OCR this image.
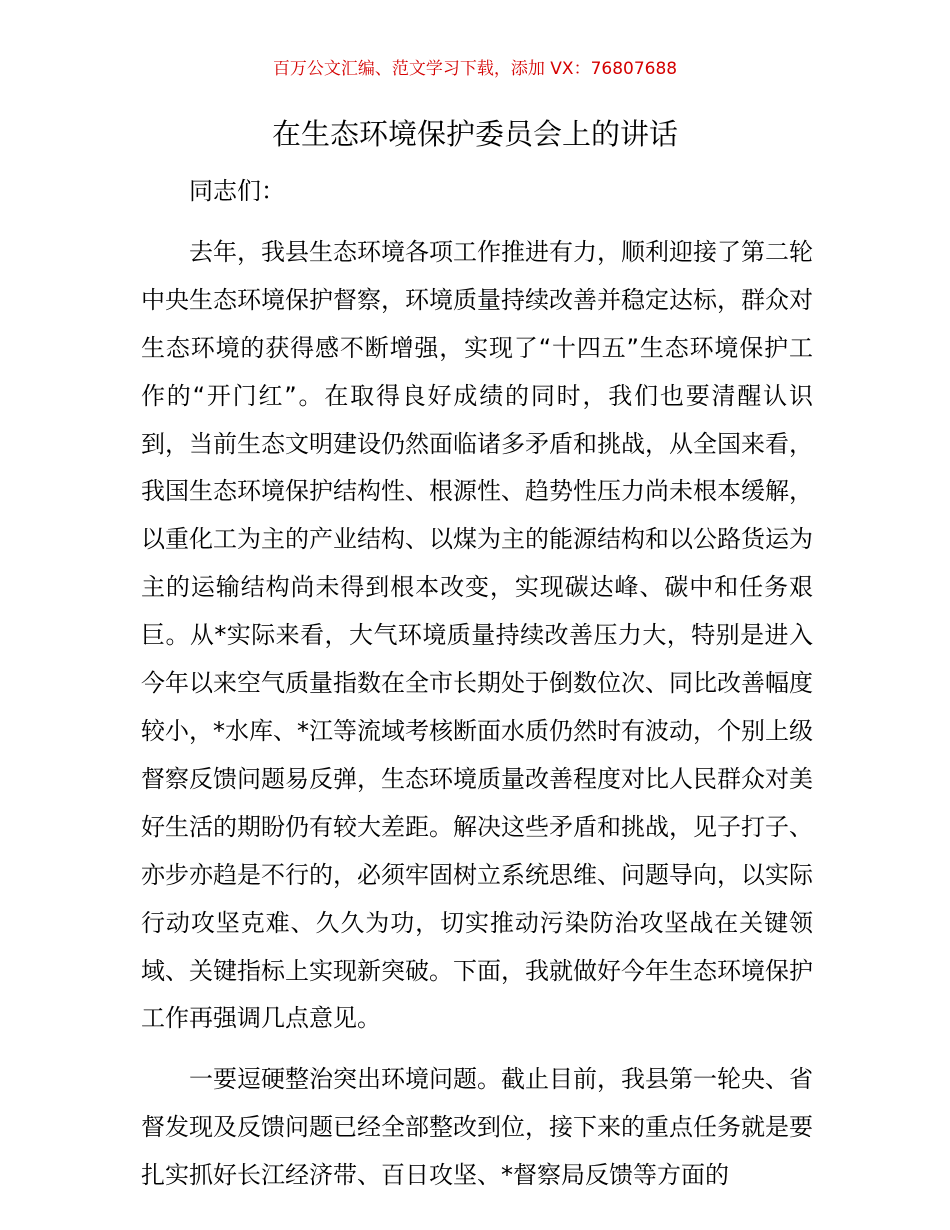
百万公文汇编、范文学习下载，添加 VX：76807688
在生态环境保护委员会上的讲话

同志们：

去年，我县生态环境各项工作推进有力，顺利迎接了第二轮中央生态环境保护督察，环境质量持续改善并稳定达标，群众对生态环境的获得感不断增强，实现了“十四五”生态环境保护工作的“开门红”。在取得良好成绩的同时，我们也要清醒认识到，当前生态文明建设仍然面临诸多矛盾和挑战，从全国来看，我国生态环境保护结构性、根源性、趋势性压力尚未根本缓解，以重化工为主的产业结构、以煤为主的能源结构和以公路货运为主的运输结构尚未得到根本改变，实现碳达峰、碳中和任务艰巨。从*实际来看，大气环境质量持续改善压力大，特别是进入今年以来空气质量指数在全市长期处于倒数位次、同比改善幅度较小，*水库、*江等流域考核断面水质仍然时有波动，个别上级督察反馈问题易反弹，生态环境质量改善程度对比人民群众对美好生活的期盼仍有较大差距。解决这些矛盾和挑战，见子打子、亦步亦趋是不行的，必须牢固树立系统思维、问题导向，以实际行动攻坚克难、久久为功，切实推动污染防治攻坚战在关键领域、关键指标上实现新突破。下面，我就做好今年生态环境保护工作再强调几点意见。

一要逗硬整治突出环境问题。截止目前，我县第一轮央、省督发现及反馈问题已经全部整改到位，接下来的重点任务就是要扎实抓好长江经济带、百日攻坚、*督察局反馈等方面的
